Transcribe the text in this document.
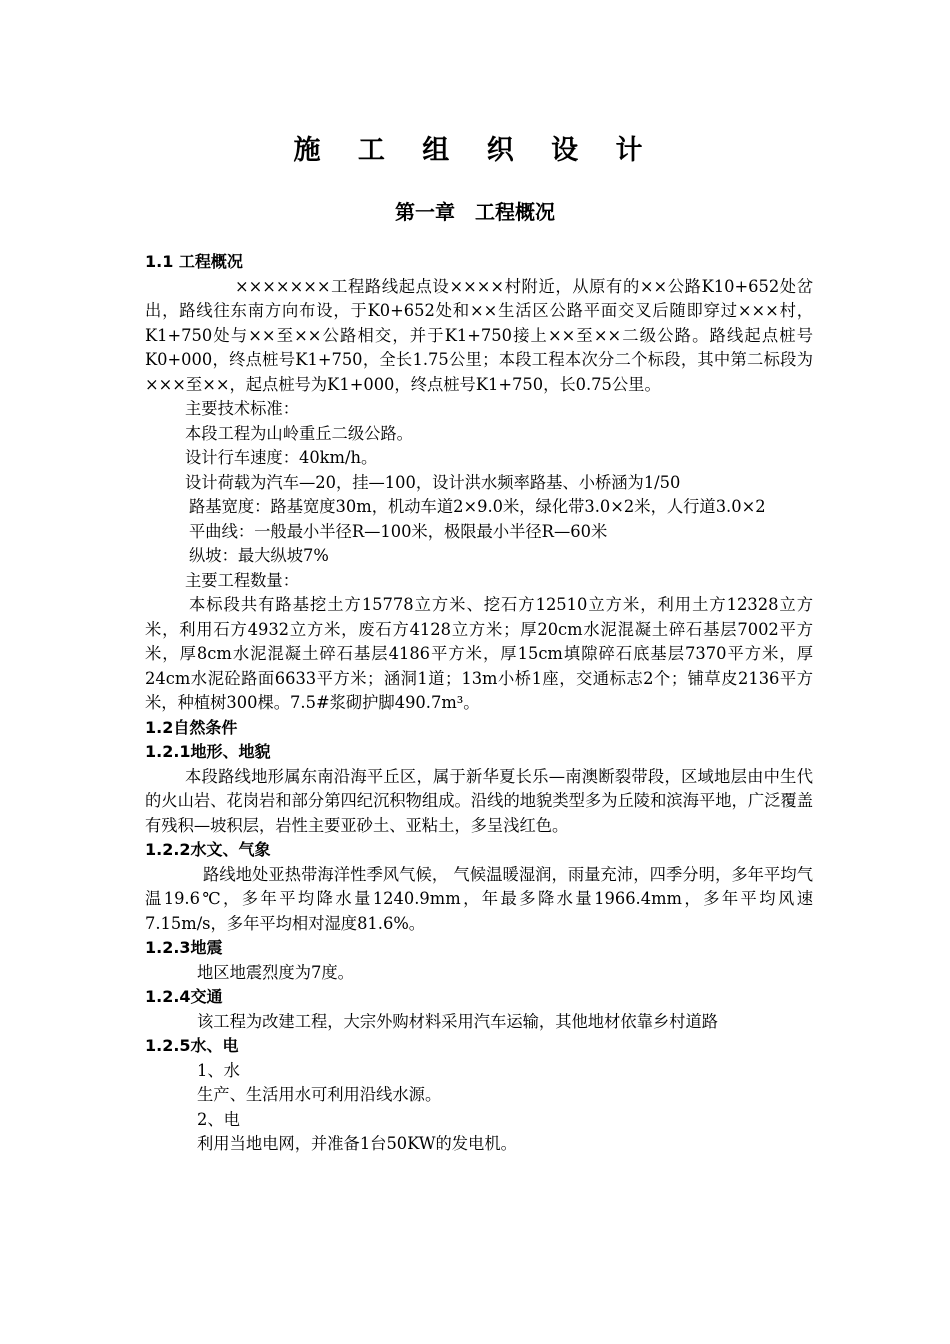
施 工 组 织 设 计
第一章　工程概况

1.1 工程概况

×××××××工程路线起点设××××村附近，从原有的××公路K10+652处岔出，路线往东南方向布设，于K0+652处和××生活区公路平面交叉后随即穿过×××村，K1+750处与××至××公路相交，并于K1+750接上××至××二级公路。路线起点桩号K0+000，终点桩号K1+750，全长1.75公里；本段工程本次分二个标段，其中第二标段为×××至××，起点桩号为K1+000，终点桩号K1+750，长0.75公里。

主要技术标准：

本段工程为山岭重丘二级公路。

设计行车速度：40km/h。

设计荷载为汽车—20，挂—100，设计洪水频率路基、小桥涵为1/50

路基宽度：路基宽度30m，机动车道2×9.0米，绿化带3.0×2米，人行道3.0×2

平曲线：一般最小半径R—100米，极限最小半径R—60米

纵坡：最大纵坡7%

主要工程数量：

本标段共有路基挖土方15778立方米、挖石方12510立方米，利用土方12328立方米，利用石方4932立方米，废石方4128立方米；厚20cm水泥混凝土碎石基层7002平方米，厚8cm水泥混凝土碎石基层4186平方米，厚15cm填隙碎石底基层7370平方米，厚24cm水泥砼路面6633平方米；涵洞1道；13m小桥1座，交通标志2个；铺草皮2136平方米，种植树300棵。7.5#浆砌护脚490.7m³。

1.2自然条件

1.2.1地形、地貌

本段路线地形属东南沿海平丘区，属于新华夏长乐—南澳断裂带段，区域地层由中生代的火山岩、花岗岩和部分第四纪沉积物组成。沿线的地貌类型多为丘陵和滨海平地，广泛覆盖有残积—坡积层，岩性主要亚砂土、亚粘土，多呈浅红色。

1.2.2水文、气象

路线地处亚热带海洋性季风气候， 气候温暖湿润，雨量充沛，四季分明，多年平均气温19.6℃，多年平均降水量1240.9mm，年最多降水量1966.4mm，多年平均风速7.15m/s，多年平均相对湿度81.6%。

1.2.3地震

地区地震烈度为7度。

1.2.4交通

该工程为改建工程，大宗外购材料采用汽车运输，其他地材依靠乡村道路

1.2.5水、电

1、水

生产、生活用水可利用沿线水源。

2、电

利用当地电网，并准备1台50KW的发电机。
